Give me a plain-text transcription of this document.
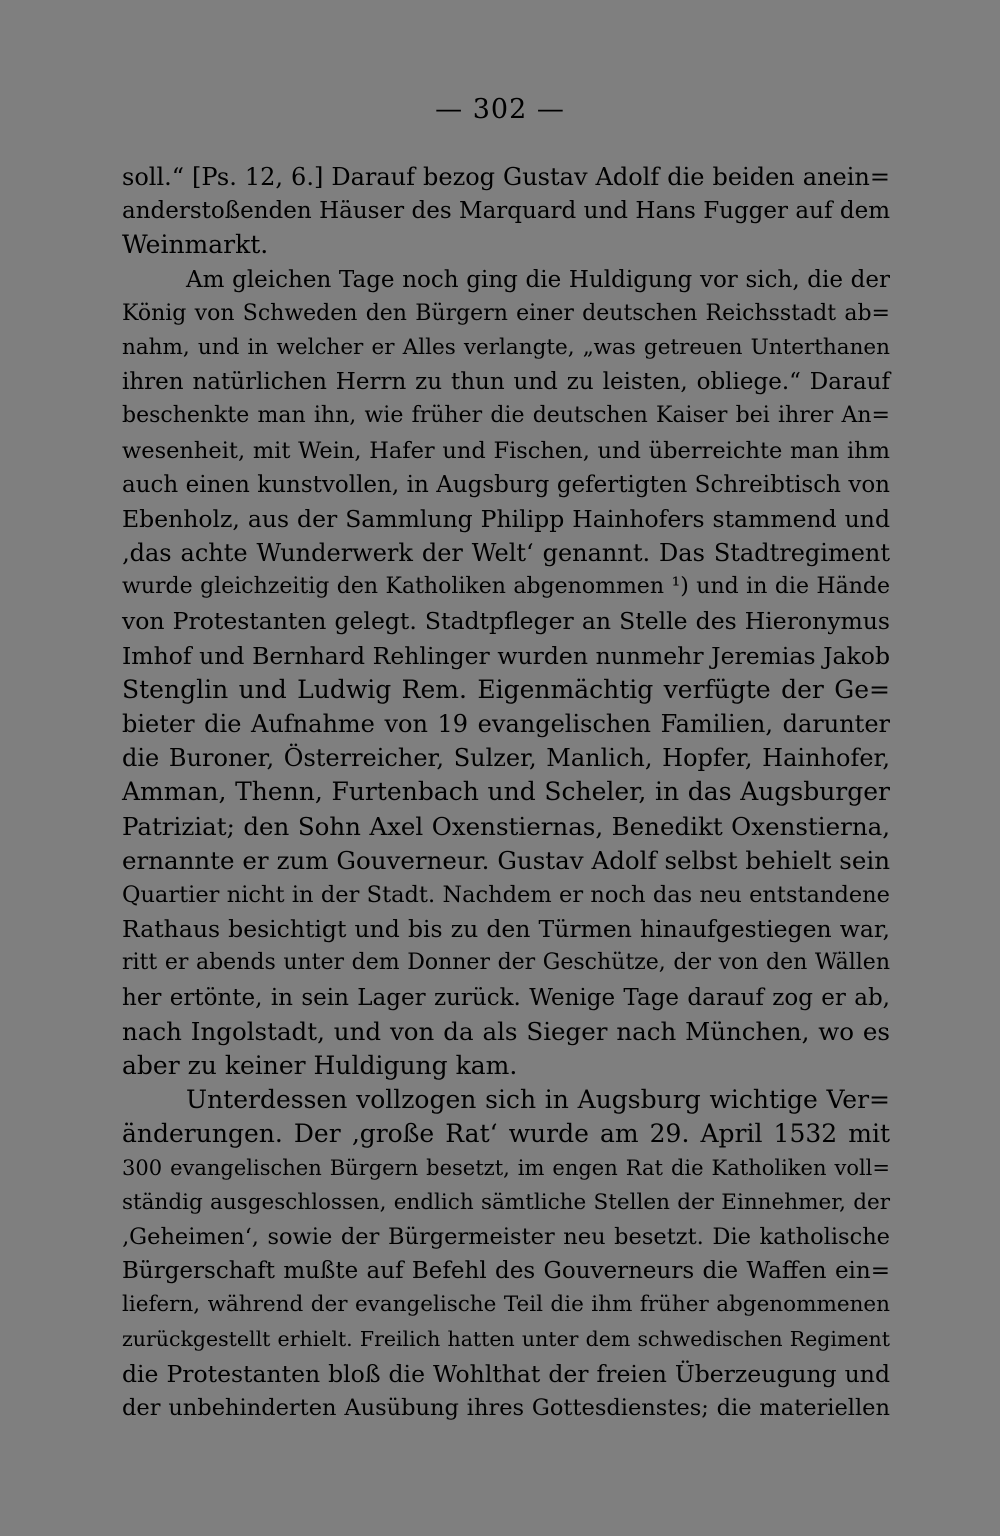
— 302 —
soll.“ [Ps. 12, 6.] Darauf bezog Gustav Adolf die beiden anein=
anderstoßenden Häuser des Marquard und Hans Fugger auf dem
Weinmarkt.
Am gleichen Tage noch ging die Huldigung vor sich, die der
König von Schweden den Bürgern einer deutschen Reichsstadt ab=
nahm, und in welcher er Alles verlangte, „was getreuen Unterthanen
ihren natürlichen Herrn zu thun und zu leisten, obliege.“ Darauf
beschenkte man ihn, wie früher die deutschen Kaiser bei ihrer An=
wesenheit, mit Wein, Hafer und Fischen, und überreichte man ihm
auch einen kunstvollen, in Augsburg gefertigten Schreibtisch von
Ebenholz, aus der Sammlung Philipp Hainhofers stammend und
‚das achte Wunderwerk der Welt‘ genannt. Das Stadtregiment
wurde gleichzeitig den Katholiken abgenommen ¹) und in die Hände
von Protestanten gelegt. Stadtpfleger an Stelle des Hieronymus
Imhof und Bernhard Rehlinger wurden nunmehr Jeremias Jakob
Stenglin und Ludwig Rem. Eigenmächtig verfügte der Ge=
bieter die Aufnahme von 19 evangelischen Familien, darunter
die Buroner, Österreicher, Sulzer, Manlich, Hopfer, Hainhofer,
Amman, Thenn, Furtenbach und Scheler, in das Augsburger
Patriziat; den Sohn Axel Oxenstiernas, Benedikt Oxenstierna,
ernannte er zum Gouverneur. Gustav Adolf selbst behielt sein
Quartier nicht in der Stadt. Nachdem er noch das neu entstandene
Rathaus besichtigt und bis zu den Türmen hinaufgestiegen war,
ritt er abends unter dem Donner der Geschütze, der von den Wällen
her ertönte, in sein Lager zurück. Wenige Tage darauf zog er ab,
nach Ingolstadt, und von da als Sieger nach München, wo es
aber zu keiner Huldigung kam.
Unterdessen vollzogen sich in Augsburg wichtige Ver=
änderungen. Der ‚große Rat‘ wurde am 29. April 1532 mit
300 evangelischen Bürgern besetzt, im engen Rat die Katholiken voll=
ständig ausgeschlossen, endlich sämtliche Stellen der Einnehmer, der
‚Geheimen‘, sowie der Bürgermeister neu besetzt. Die katholische
Bürgerschaft mußte auf Befehl des Gouverneurs die Waffen ein=
liefern, während der evangelische Teil die ihm früher abgenommenen
zurückgestellt erhielt. Freilich hatten unter dem schwedischen Regiment
die Protestanten bloß die Wohlthat der freien Überzeugung und
der unbehinderten Ausübung ihres Gottesdienstes; die materiellen
